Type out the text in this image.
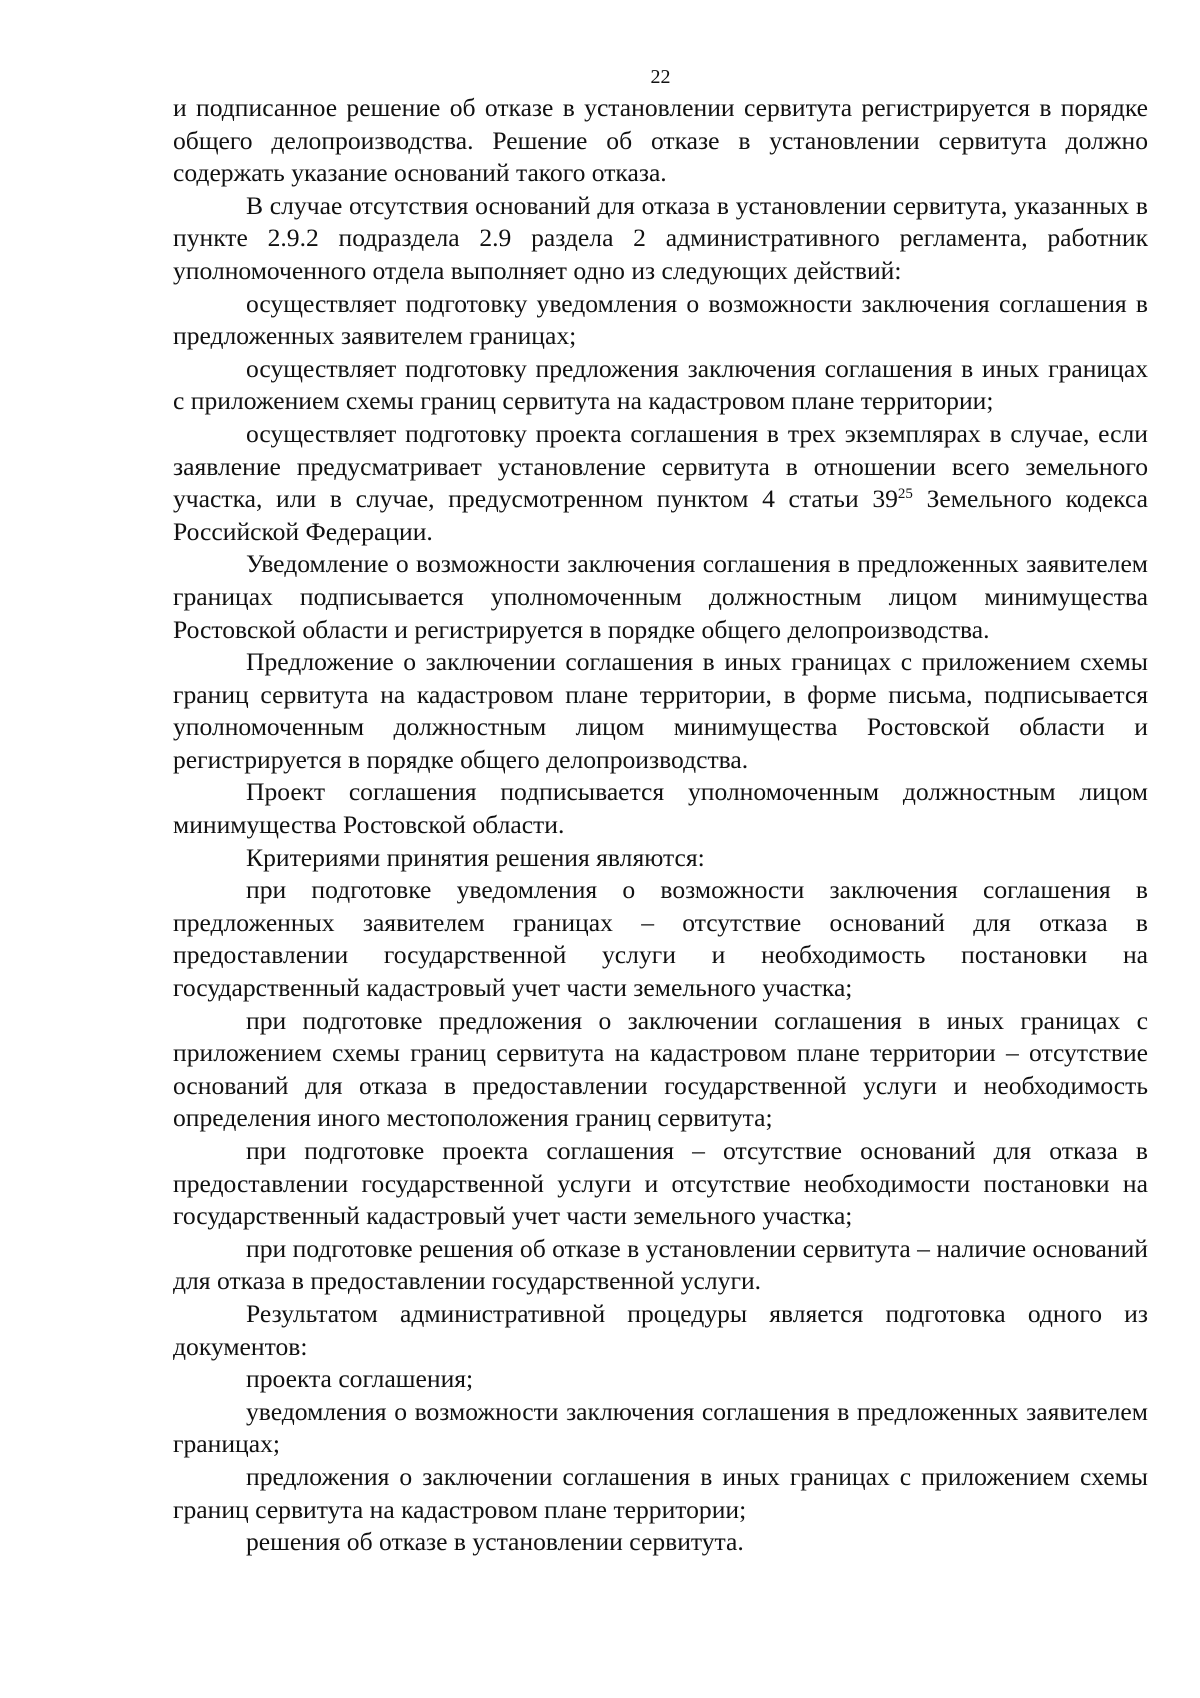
22

и подписанное решение об отказе в установлении сервитута регистрируется в порядке общего делопроизводства. Решение об отказе в установлении сервитута должно содержать указание оснований такого отказа.

В случае отсутствия оснований для отказа в установлении сервитута, указанных в пункте 2.9.2 подраздела 2.9 раздела 2 административного регламента, работник уполномоченного отдела выполняет одно из следующих действий:

осуществляет подготовку уведомления о возможности заключения соглашения в предложенных заявителем границах;

осуществляет подготовку предложения заключения соглашения в иных границах с приложением схемы границ сервитута на кадастровом плане территории;

осуществляет подготовку проекта соглашения в трех экземплярах в случае, если заявление предусматривает установление сервитута в отношении всего земельного участка, или в случае, предусмотренном пунктом 4 статьи $39^{25}$ Земельного кодекса Российской Федерации.

Уведомление о возможности заключения соглашения в предложенных заявителем границах подписывается уполномоченным должностным лицом минимущества Ростовской области и регистрируется в порядке общего делопроизводства.

Предложение о заключении соглашения в иных границах с приложением схемы границ сервитута на кадастровом плане территории, в форме письма, подписывается уполномоченным должностным лицом минимущества Ростовской области и регистрируется в порядке общего делопроизводства.

Проект соглашения подписывается уполномоченным должностным лицом минимущества Ростовской области.

Критериями принятия решения являются:

при подготовке уведомления о возможности заключения соглашения в предложенных заявителем границах – отсутствие оснований для отказа в предоставлении государственной услуги и необходимость постановки на государственный кадастровый учет части земельного участка;

при подготовке предложения о заключении соглашения в иных границах с приложением схемы границ сервитута на кадастровом плане территории – отсутствие оснований для отказа в предоставлении государственной услуги и необходимость определения иного местоположения границ сервитута;

при подготовке проекта соглашения – отсутствие оснований для отказа в предоставлении государственной услуги и отсутствие необходимости постановки на государственный кадастровый учет части земельного участка;

при подготовке решения об отказе в установлении сервитута – наличие оснований для отказа в предоставлении государственной услуги.

Результатом административной процедуры является подготовка одного из документов:

проекта соглашения;

уведомления о возможности заключения соглашения в предложенных заявителем границах;

предложения о заключении соглашения в иных границах с приложением схемы границ сервитута на кадастровом плане территории;

решения об отказе в установлении сервитута.
